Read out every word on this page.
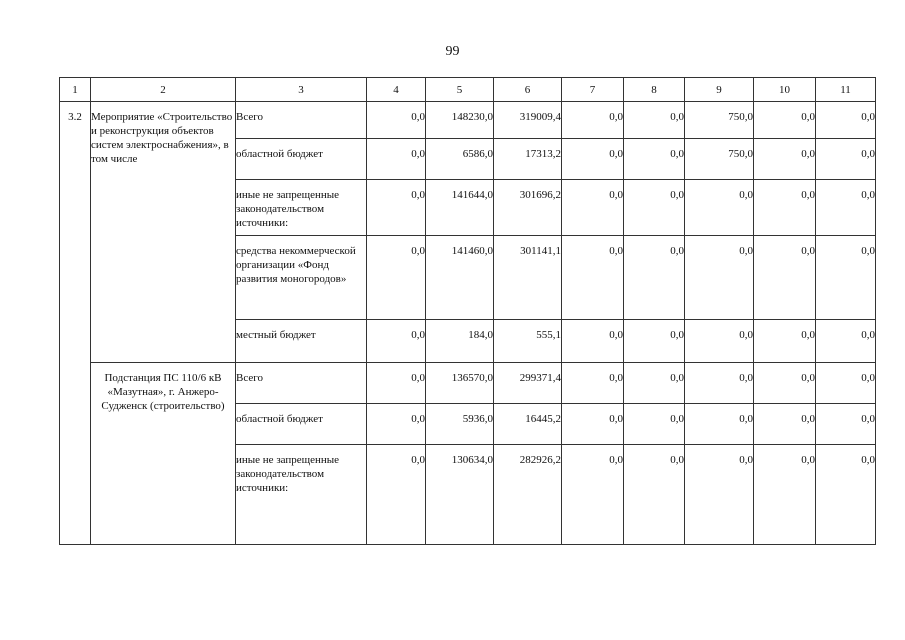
99
1	2	3	4	5	6	7	8	9	10	11
3.2	Мероприятие «Строительство и реконструкция объектов систем электроснабжения», в том числе	Всего	0,0	148230,0	319009,4	0,0	0,0	750,0	0,0	0,0
		областной бюджет	0,0	6586,0	17313,2	0,0	0,0	750,0	0,0	0,0
		иные не запрещенные законодательством источники:	0,0	141644,0	301696,2	0,0	0,0	0,0	0,0	0,0
		средства некоммерческой организации «Фонд развития моногородов»	0,0	141460,0	301141,1	0,0	0,0	0,0	0,0	0,0
		местный бюджет	0,0	184,0	555,1	0,0	0,0	0,0	0,0	0,0
	Подстанция ПС 110/6 кВ «Мазутная», г. Анжеро-Судженск (строительство)	Всего	0,0	136570,0	299371,4	0,0	0,0	0,0	0,0	0,0
		областной бюджет	0,0	5936,0	16445,2	0,0	0,0	0,0	0,0	0,0
		иные не запрещенные законодательством источники:	0,0	130634,0	282926,2	0,0	0,0	0,0	0,0	0,0
